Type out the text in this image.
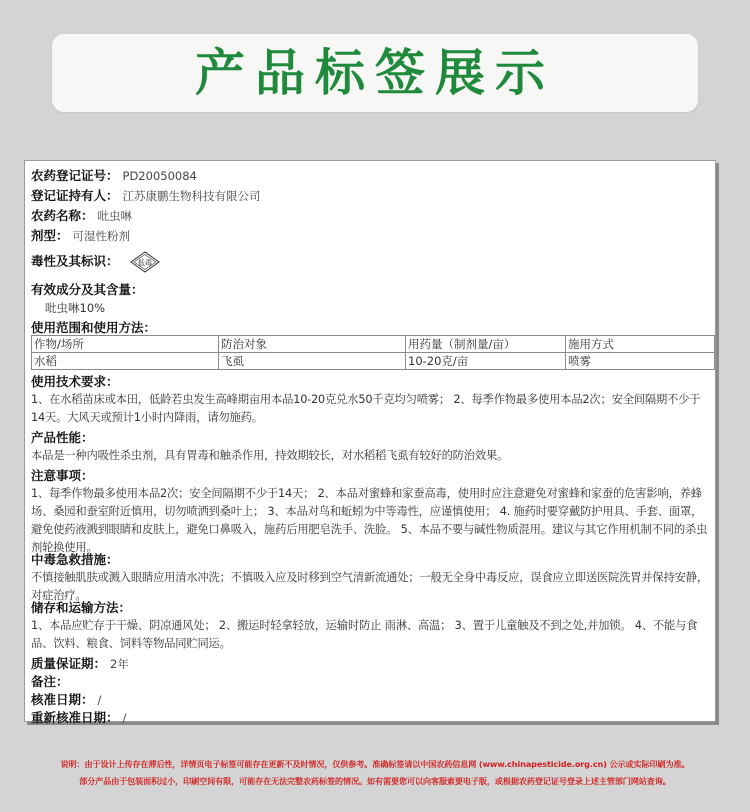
产品标签展示
农药登记证号： PD20050084
登记证持有人： 江苏康鹏生物科技有限公司
农药名称： 吡虫啉
剂型： 可湿性粉剂
毒性及其标识：	低毒
有效成分及其含量：
吡虫啉10%
使用范围和使用方法：
作物/场所	防治对象	用药量（制剂量/亩）	施用方式
水稻	飞虱	10-20克/亩	喷雾
使用技术要求：
1、在水稻苗床或本田，低龄若虫发生高峰期亩用本品10-20克兑水50千克均匀喷雾； 2、每季作物最多使用本品2次；安全间隔期不少于14天。大风天或预计1小时内降雨，请勿施药。
产品性能：
本品是一种内吸性杀虫剂，具有胃毒和触杀作用，持效期较长，对水稻稻飞虱有较好的防治效果。
注意事项：
1、每季作物最多使用本品2次；安全间隔期不少于14天； 2、本品对蜜蜂和家蚕高毒，使用时应注意避免对蜜蜂和家蚕的危害影响，养蜂场、桑园和蚕室附近慎用，切勿喷洒到桑叶上； 3、本品对鸟和蚯蚓为中等毒性，应谨慎使用； 4. 施药时要穿戴防护用具、手套、面罩，避免使药液溅到眼睛和皮肤上，避免口鼻吸入，施药后用肥皂洗手、洗脸。 5、本品不要与碱性物质混用。建议与其它作用机制不同的杀虫剂轮换使用。
中毒急救措施：
不慎接触肌肤或溅入眼睛应用清水冲洗；不慎吸入应及时移到空气清新流通处；一般无全身中毒反应，误食应立即送医院洗胃并保持安静，对症治疗。
储存和运输方法：
1、本品应贮存于干燥、阴凉通风处； 2、搬运时轻拿轻放，运输时防止 雨淋、高温； 3、置于儿童触及不到之处,并加锁。 4、不能与食品、饮料、粮食、饲料等物品同贮同运。
质量保证期： 2年
备注：
核准日期： /
重新核准日期： /
说明：由于设计上传存在滞后性，详情页电子标签可能存在更新不及时情况，仅供参考。准确标签请以中国农药信息网 (www.chinapesticide.org.cn) 公示或实际印刷为准。
部分产品由于包装面积过小，印刷空间有限，可能存在无法完整农药标签的情况。如有需要您可以向客服索要电子版，或根据农药登记证号登录上述主管部门网站查询。
